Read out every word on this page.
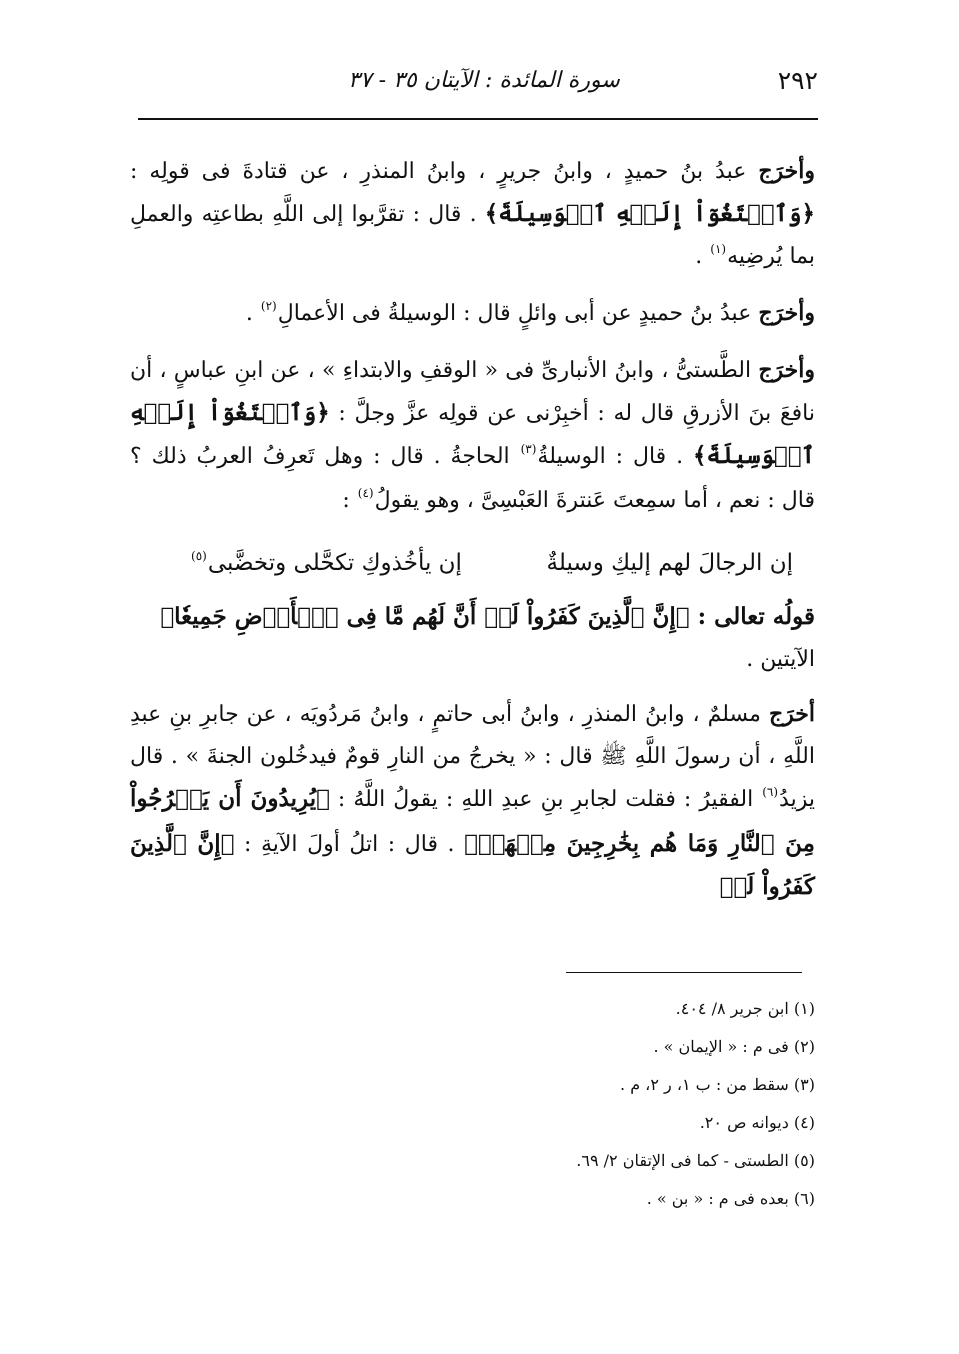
٢٩٢
سورة المائدة : الآيتان ٣٥ - ٣٧

وأخرَج عبدُ بنُ حميدٍ ، وابنُ جريرٍ ، وابنُ المنذرِ ، عن قتادةَ فى قولِه : ﴿وَٱبۡتَغُوٓاْ إِلَيۡهِ ٱلۡوَسِيلَةَ﴾ . قال : تقرَّبوا إلى اللَّهِ بطاعتِه والعملِ بما يُرضِيه$^{(١)}$ .

وأخرَج عبدُ بنُ حميدٍ عن أبى وائلٍ قال : الوسيلةُ فى الأعمالِ$^{(٢)}$ .

وأخرَج الطَّستىُّ ، وابنُ الأنبارىِّ فى « الوقفِ والابتداءِ » ، عن ابنِ عباسٍ ، أن نافعَ بنَ الأزرقِ قال له : أخبِرْنى عن قولِه عزَّ وجلَّ : ﴿وَٱبۡتَغُوٓاْ إِلَيۡهِ ٱلۡوَسِيلَةَ﴾ . قال : الوسيلةُ$^{(٣)}$ الحاجةُ . قال : وهل تَعرِفُ العربُ ذلك ؟ قال : نعم ، أما سمِعتَ عَنترةَ العَبْسِىَّ ، وهو يقولُ$^{(٤)}$ :

إن الرجالَ لهم إليكِ وسيلةٌ
إن يأخُذوكِ تكحَّلى وتخضَّبى$^{(٥)}$

قولُه تعالى : ﴿إِنَّ ٱلَّذِينَ كَفَرُواْ لَوۡ أَنَّ لَهُم مَّا فِى ٱلۡأَرۡضِ جَمِيعٗا﴾

الآيتين .

أخرَج مسلمٌ ، وابنُ المنذرِ ، وابنُ أبى حاتمٍ ، وابنُ مَردُويَه ، عن جابرِ بنِ عبدِ اللَّهِ ، أن رسولَ اللَّهِ ﷺ قال : « يخرجُ من النارِ قومٌ فيدخُلون الجنةَ » . قال يزيدُ$^{(٦)}$ الفقيرُ : فقلت لجابرِ بنِ عبدِ اللهِ : يقولُ اللَّهُ : ﴿يُرِيدُونَ أَن يَخۡرُجُواْ مِنَ ٱلنَّارِ وَمَا هُم بِخَٰرِجِينَ مِنۡهَاۖ﴾ . قال : اتلُ أولَ الآيةِ : ﴿إِنَّ ٱلَّذِينَ كَفَرُواْ لَوۡ

(١) ابن جرير ٨/ ٤٠٤.

(٢) فى م : « الإيمان » .

(٣) سقط من : ب ١، ر ٢، م .

(٤) ديوانه ص ٢٠.

(٥) الطستى - كما فى الإتقان ٢/ ٦٩.

(٦) بعده فى م : « بن » .
